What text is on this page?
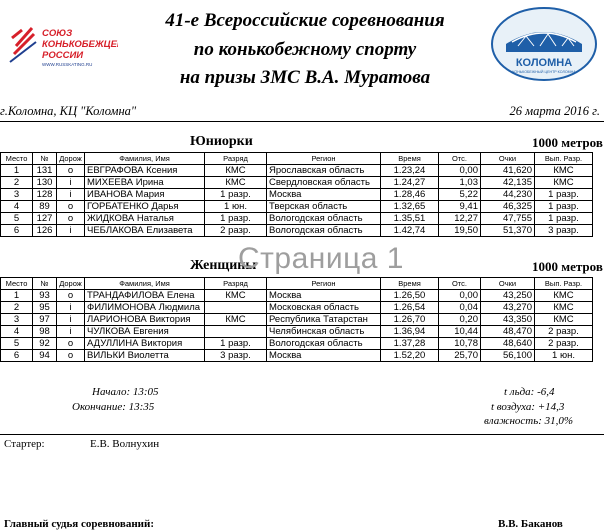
СОЮЗ
КОНЬКОБЕЖЦЕВ
РОССИИ
WWW.RUSSKATING.RU
41-е Всероссийские соревнования
по конькобежному спорту
на призы ЗМС В.А. Муратова
КОЛОМНА
КОНЬКОБЕЖНЫЙ ЦЕНТР КОЛОМНА
г.Коломна, КЦ "Коломна"	26 марта 2016 г.
Юниорки	1000 метров
Место	№	Дорож	Фамилия, Имя	Разряд	Регион	Время	Отс.	Очки	Вып. Разр.
1	131	o	ЕВГРАФОВА Ксения	КМС	Ярославская область	1.23,24	0,00	41,620	КМС
2	130	i	МИХЕЕВА Ирина	КМС	Свердловская область	1.24,27	1,03	42,135	КМС
3	128	i	ИВАНОВА Мария	1 разр.	Москва	1.28,46	5,22	44,230	1 разр.
4	89	o	ГОРБАТЕНКО Дарья	1 юн.	Тверская область	1.32,65	9,41	46,325	1 разр.
5	127	o	ЖИДКОВА Наталья	1 разр.	Вологодская область	1.35,51	12,27	47,755	1 разр.
6	126	i	ЧЕБЛАКОВА Елизавета	2 разр.	Вологодская область	1.42,74	19,50	51,370	3 разр.
Женщины	1000 метров
Место	№	Дорож	Фамилия, Имя	Разряд	Регион	Время	Отс.	Очки	Вып. Разр.
1	93	o	ТРАНДАФИЛОВА Елена	КМС	Москва	1.26,50	0,00	43,250	КМС
2	95	i	ФИЛИМОНОВА Людмила		Московская область	1.26,54	0,04	43,270	КМС
3	97	i	ЛАРИОНОВА Виктория	КМС	Республика Татарстан	1.26,70	0,20	43,350	КМС
4	98	i	ЧУЛКОВА Евгения		Челябинская область	1.36,94	10,44	48,470	2 разр.
5	92	o	АДУЛЛИНА Виктория	1 разр.	Вологодская область	1.37,28	10,78	48,640	2 разр.
6	94	o	ВИЛЬКИ Виолетта	3 разр.	Москва	1.52,20	25,70	56,100	1 юн.
Страница 1
Начало: 13:05
Окончание: 13:35
t льда: -6,4
t воздуха: +14,3
влажность: 31,0%
Стартер:	Е.В. Волнухин
Главный судья соревнований:	В.В. Баканов
